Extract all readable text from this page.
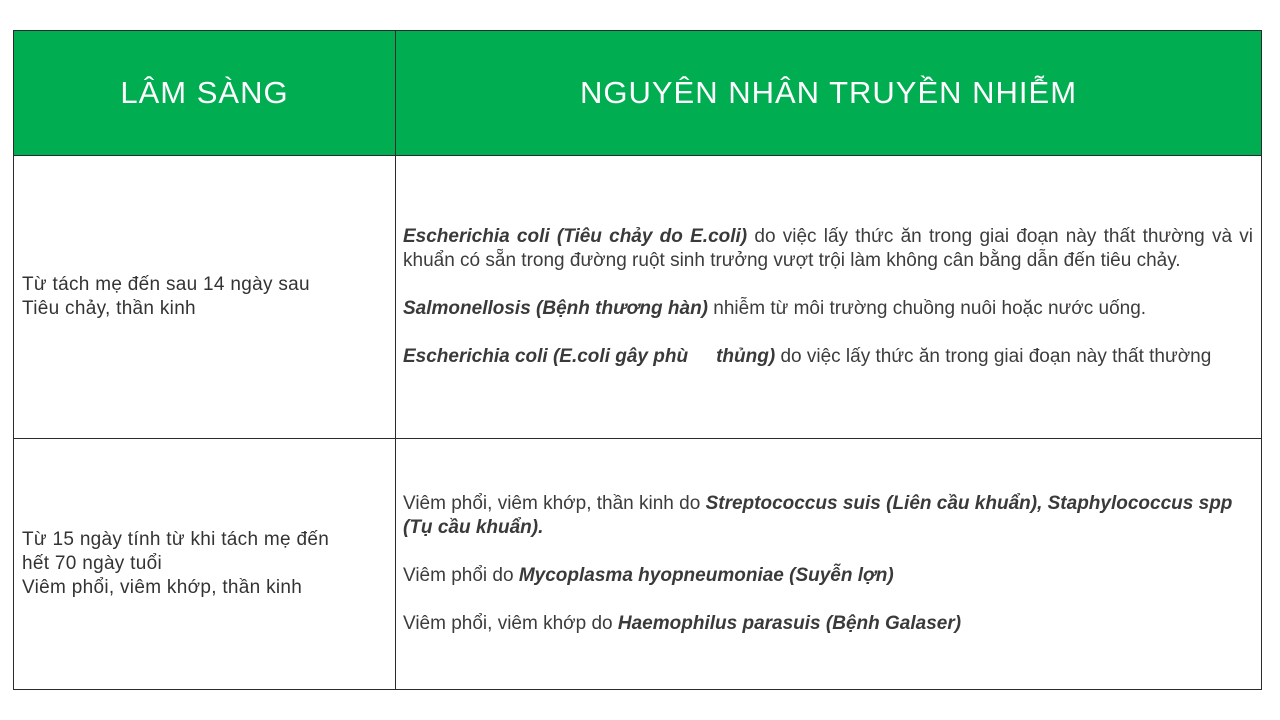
LÂM SÀNG	NGUYÊN NHÂN TRUYỀN NHIỄM
Từ tách mẹ đến sau 14 ngày sau
Tiêu chảy, thần kinh

Escherichia coli (Tiêu chảy do E.coli) do việc lấy thức ăn trong giai đoạn này thất thường và vi khuẩn có sẵn trong đường ruột sinh trưởng vượt trội làm không cân bằng dẫn đến tiêu chảy.

Salmonellosis (Bệnh thương hàn) nhiễm từ môi trường chuồng nuôi hoặc nước uống.

Escherichia coli (E.coli gây phù thủng) do việc lấy thức ăn trong giai đoạn này thất thường

Từ 15 ngày tính từ khi tách mẹ đến
hết 70 ngày tuổi
Viêm phổi, viêm khớp, thần kinh

Viêm phổi, viêm khớp, thần kinh do Streptococcus suis (Liên cầu khuẩn), Staphylococcus spp (Tụ cầu khuẩn).

Viêm phổi do Mycoplasma hyopneumoniae (Suyễn lợn)

Viêm phổi, viêm khớp do Haemophilus parasuis (Bệnh Galaser)
